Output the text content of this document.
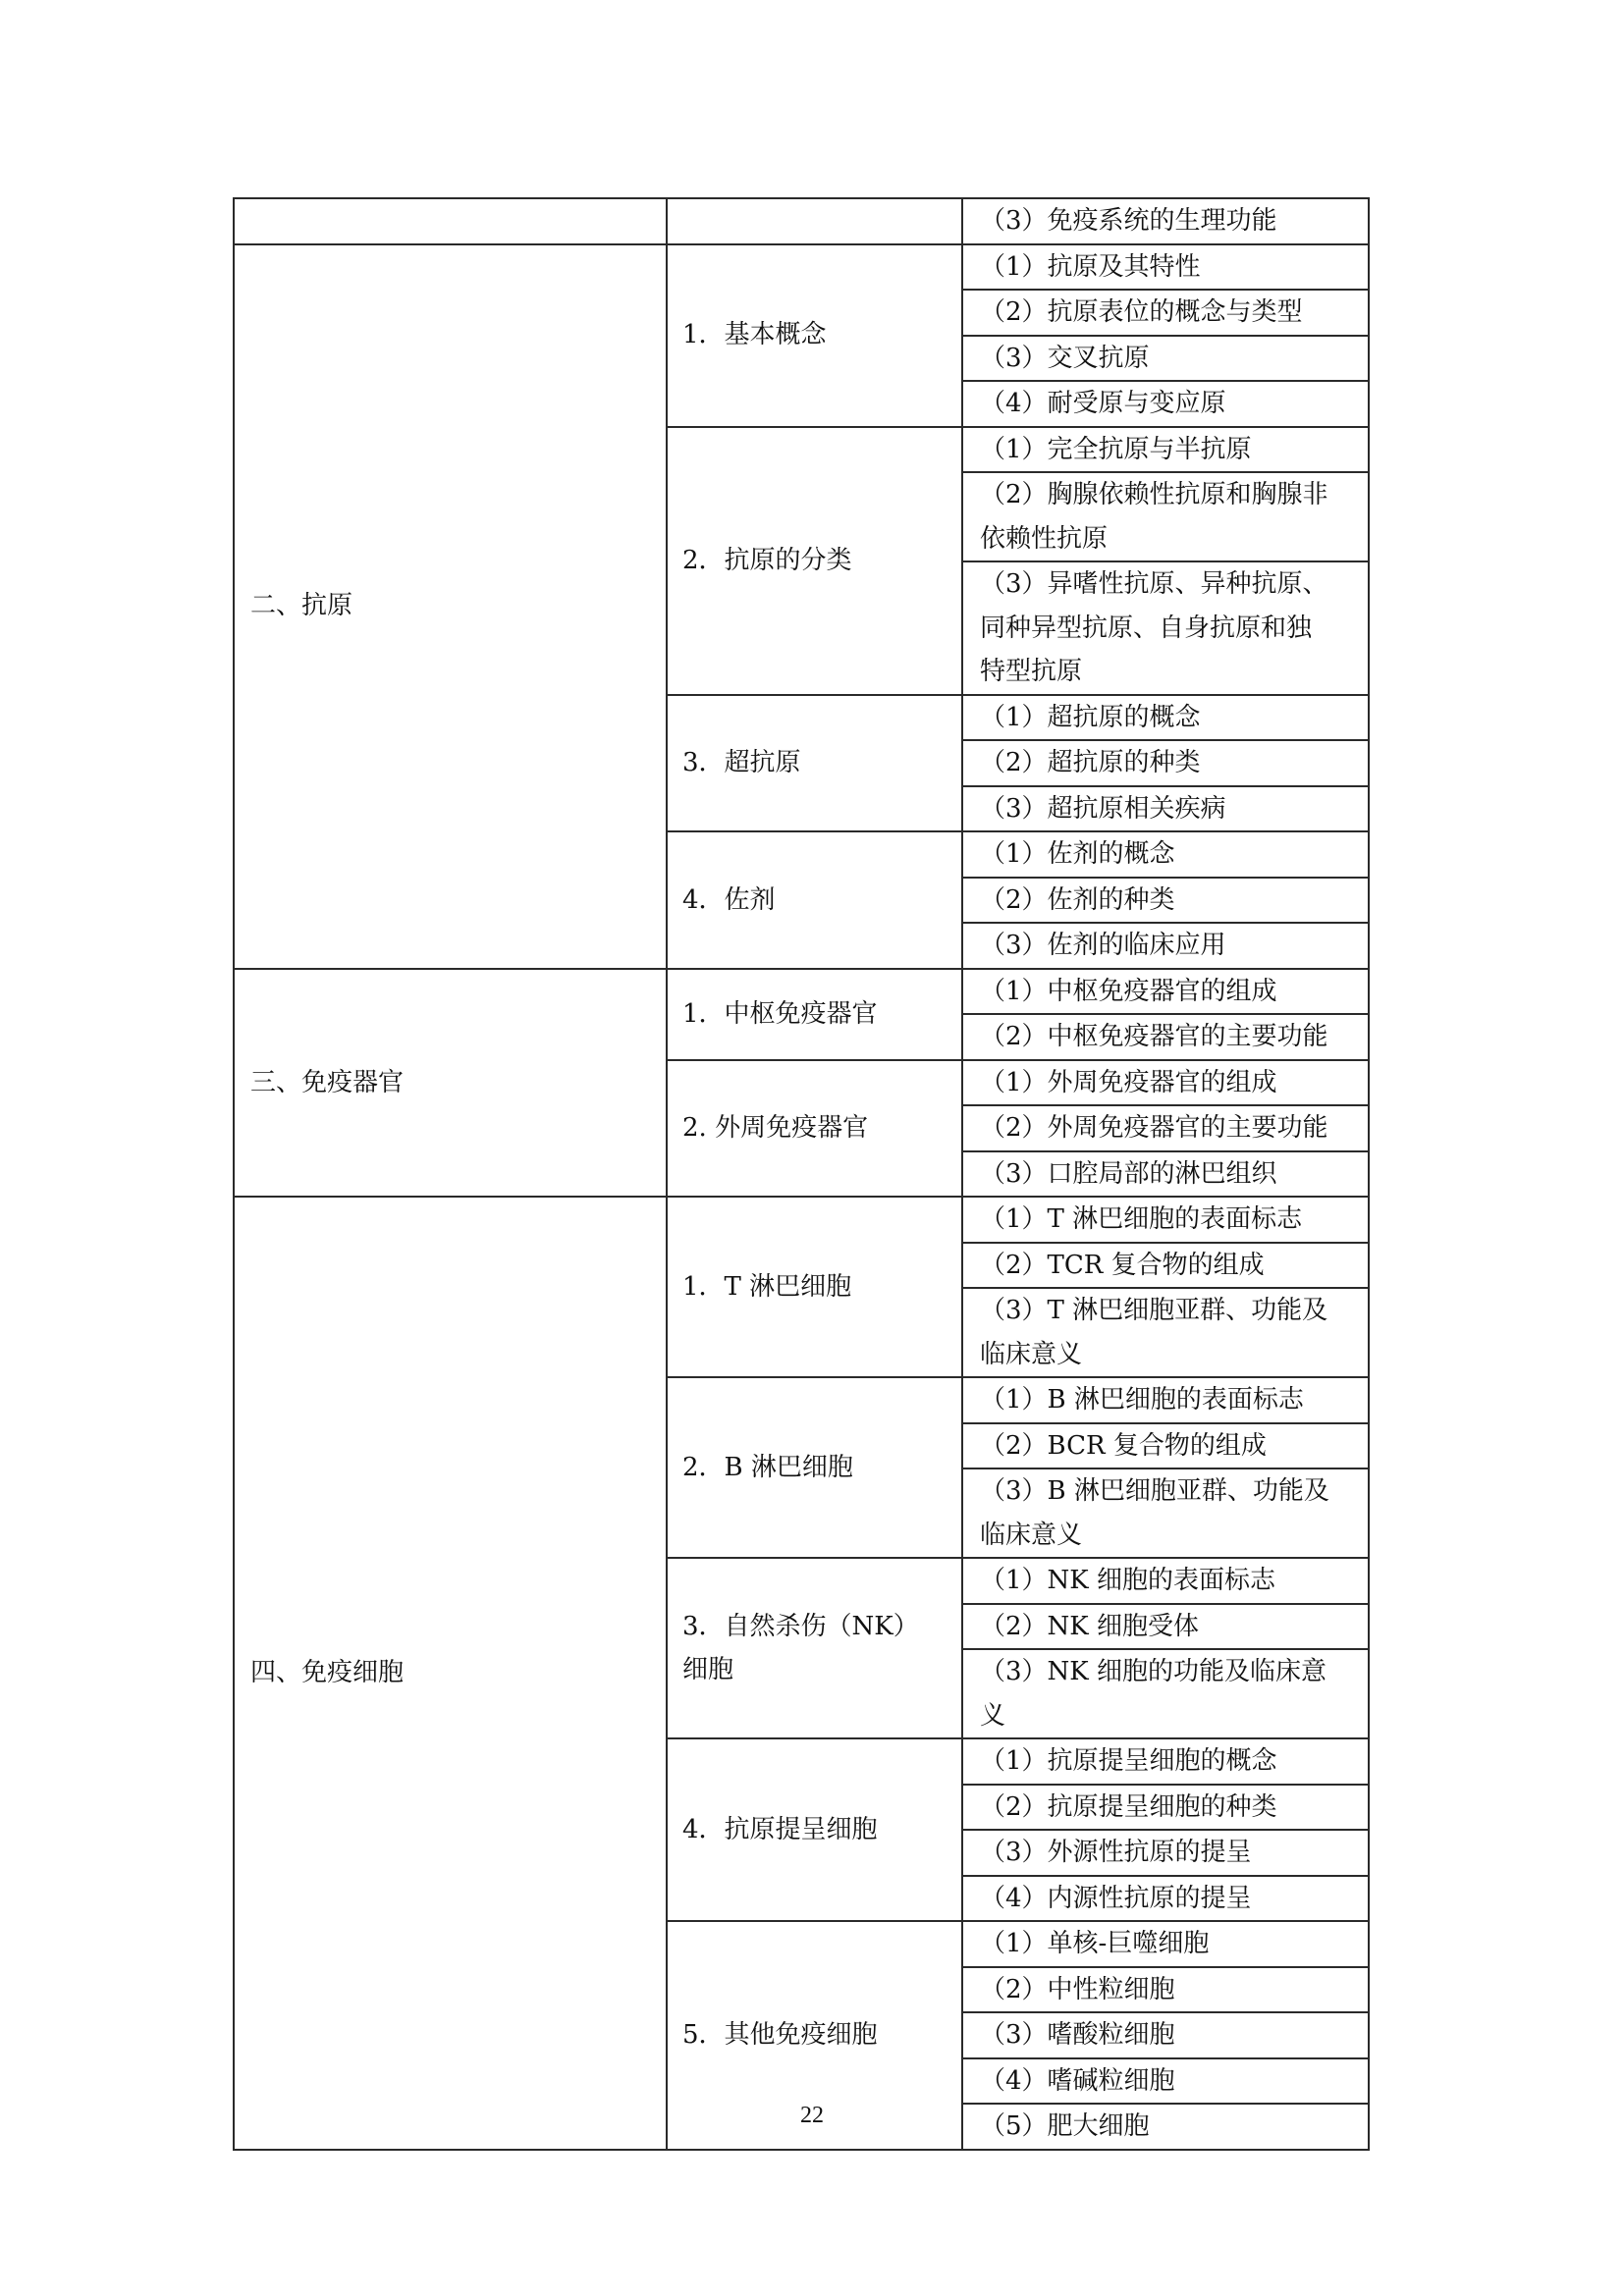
		（3）免疫系统的生理功能

二、抗原	1．基本概念	（1）抗原及其特性

		（2）抗原表位的概念与类型

		（3）交叉抗原

		（4）耐受原与变应原

	2．抗原的分类	（1）完全抗原与半抗原

		（2）胸腺依赖性抗原和胸腺非
依赖性抗原

		（3）异嗜性抗原、异种抗原、
同种异型抗原、自身抗原和独
特型抗原

	3．超抗原	（1）超抗原的概念

		（2）超抗原的种类

		（3）超抗原相关疾病

	4．佐剂	（1）佐剂的概念

		（2）佐剂的种类

		（3）佐剂的临床应用

三、免疫器官	1．中枢免疫器官	（1）中枢免疫器官的组成

		（2）中枢免疫器官的主要功能

	2. 外周免疫器官	（1）外周免疫器官的组成

		（2）外周免疫器官的主要功能

		（3）口腔局部的淋巴组织

四、免疫细胞	1．T 淋巴细胞	（1）T 淋巴细胞的表面标志

		（2）TCR 复合物的组成

		（3）T 淋巴细胞亚群、功能及
临床意义

	2．B 淋巴细胞	（1）B 淋巴细胞的表面标志

		（2）BCR 复合物的组成

		（3）B 淋巴细胞亚群、功能及
临床意义

	3．自然杀伤（NK）
细胞	（1）NK 细胞的表面标志

		（2）NK 细胞受体

		（3）NK 细胞的功能及临床意
义

	4．抗原提呈细胞	（1）抗原提呈细胞的概念

		（2）抗原提呈细胞的种类

		（3）外源性抗原的提呈

		（4）内源性抗原的提呈

	5．其他免疫细胞	（1）单核-巨噬细胞

		（2）中性粒细胞

		（3）嗜酸粒细胞

		（4）嗜碱粒细胞

		（5）肥大细胞
22
